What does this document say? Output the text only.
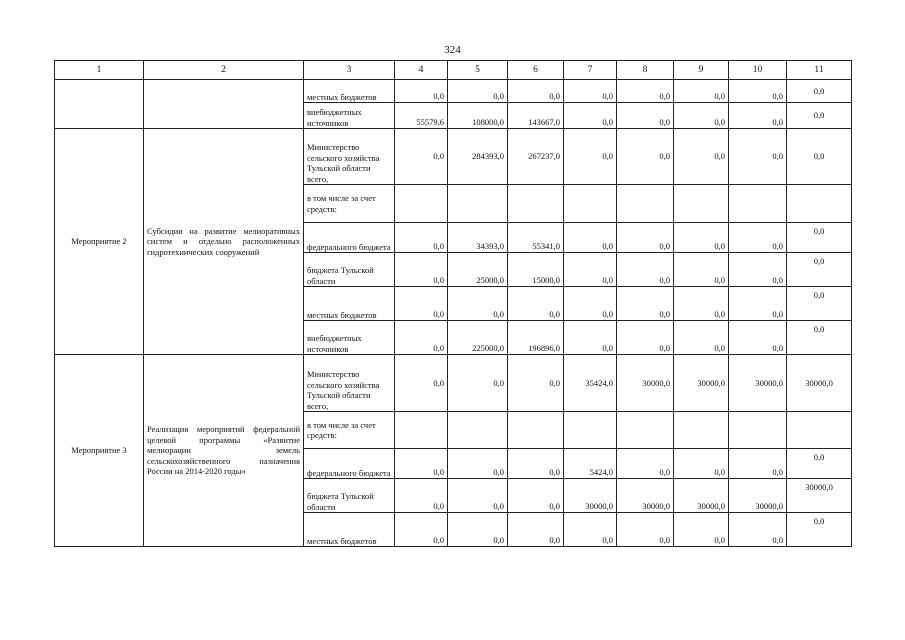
324
1	2	3	4	5	6	7	8	9	10	11
		местных бюджетов	0,0	0,0	0,0	0,0	0,0	0,0	0,0	0,0
		внебюджетных источников	55579,6	108000,0	143667,0	0,0	0,0	0,0	0,0	0,0
Мероприятие 2	Субсидии на развитие мелиоративных систем и отдельно расположенных гидротехнических сооружений	Министерство сельского хозяйства Тульской области всего,	0,0	284393,0	267237,0	0,0	0,0	0,0	0,0	0,0
		в том числе за счет средств:								
		федерального бюджета	0,0	34393,0	55341,0	0,0	0,0	0,0	0,0	0,0
		бюджета Тульской области	0,0	25000,0	15000,0	0,0	0,0	0,0	0,0	0,0
		местных бюджетов	0,0	0,0	0,0	0,0	0,0	0,0	0,0	0,0
		внебюджетных источников	0,0	225000,0	196896,0	0,0	0,0	0,0	0,0	0,0
Мероприятие 3	Реализация мероприятий федеральной целевой программы «Развитие мелиорации земель сельскохозяйственного назначения России на 2014-2020 годы»	Министерство сельского хозяйства Тульской области всего,	0,0	0,0	0,0	35424,0	30000,0	30000,0	30000,0	30000,0
		в том числе за счет средств:								
		федерального бюджета	0,0	0,0	0,0	5424,0	0,0	0,0	0,0	0,0
		бюджета Тульской области	0,0	0,0	0,0	30000,0	30000,0	30000,0	30000,0	30000,0
		местных бюджетов	0,0	0,0	0,0	0,0	0,0	0,0	0,0	0,0
